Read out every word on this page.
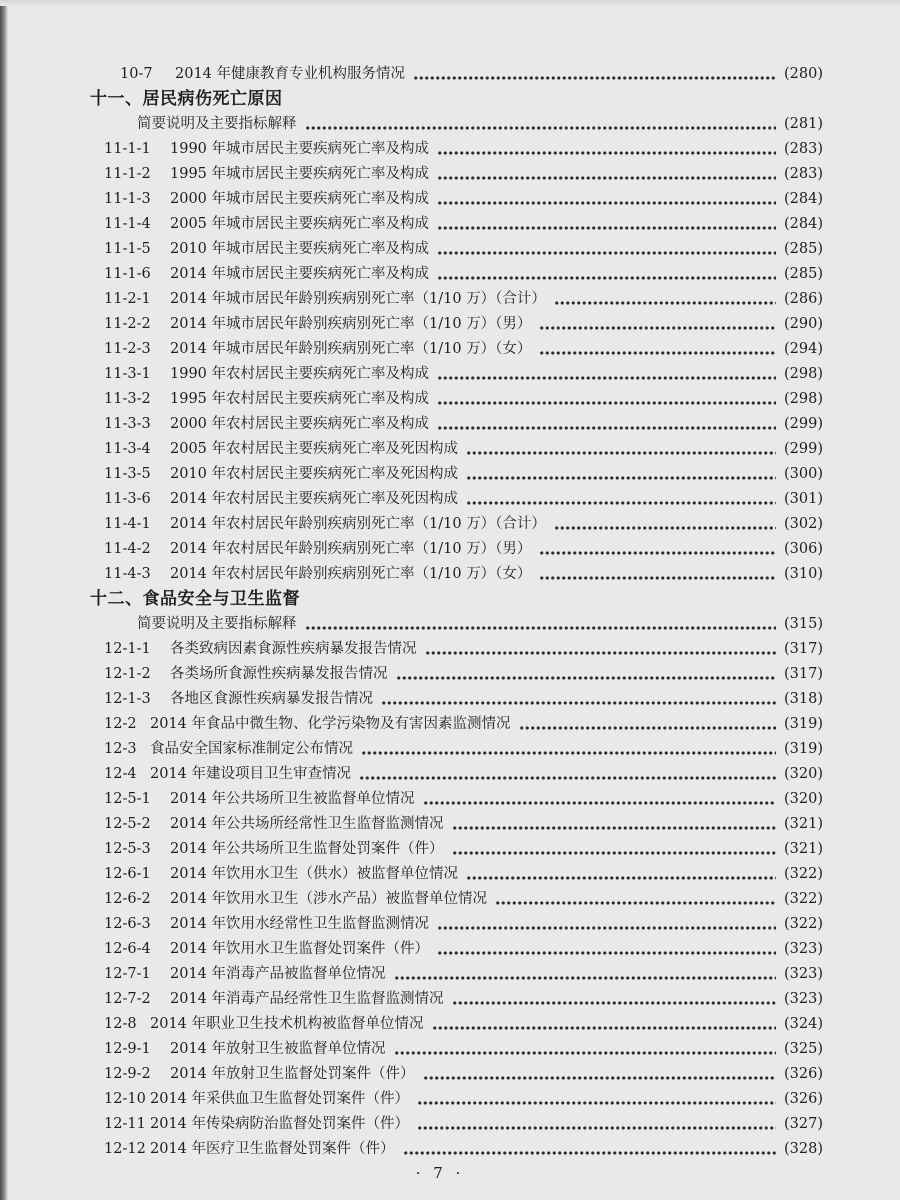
10-7	2014 年健康教育专业机构服务情况	(280)
十一、居民病伤死亡原因
简要说明及主要指标解释	(281)
11-1-1	1990 年城市居民主要疾病死亡率及构成	(283)
11-1-2	1995 年城市居民主要疾病死亡率及构成	(283)
11-1-3	2000 年城市居民主要疾病死亡率及构成	(284)
11-1-4	2005 年城市居民主要疾病死亡率及构成	(284)
11-1-5	2010 年城市居民主要疾病死亡率及构成	(285)
11-1-6	2014 年城市居民主要疾病死亡率及构成	(285)
11-2-1	2014 年城市居民年龄别疾病别死亡率（1/10 万）（合计）	(286)
11-2-2	2014 年城市居民年龄别疾病别死亡率（1/10 万）（男）	(290)
11-2-3	2014 年城市居民年龄别疾病别死亡率（1/10 万）（女）	(294)
11-3-1	1990 年农村居民主要疾病死亡率及构成	(298)
11-3-2	1995 年农村居民主要疾病死亡率及构成	(298)
11-3-3	2000 年农村居民主要疾病死亡率及构成	(299)
11-3-4	2005 年农村居民主要疾病死亡率及死因构成	(299)
11-3-5	2010 年农村居民主要疾病死亡率及死因构成	(300)
11-3-6	2014 年农村居民主要疾病死亡率及死因构成	(301)
11-4-1	2014 年农村居民年龄别疾病别死亡率（1/10 万）（合计）	(302)
11-4-2	2014 年农村居民年龄别疾病别死亡率（1/10 万）（男）	(306)
11-4-3	2014 年农村居民年龄别疾病别死亡率（1/10 万）（女）	(310)
十二、食品安全与卫生监督
简要说明及主要指标解释	(315)
12-1-1	各类致病因素食源性疾病暴发报告情况	(317)
12-1-2	各类场所食源性疾病暴发报告情况	(317)
12-1-3	各地区食源性疾病暴发报告情况	(318)
12-2 2014 年食品中微生物、化学污染物及有害因素监测情况	(319)
12-3 食品安全国家标准制定公布情况	(319)
12-4 2014 年建设项目卫生审查情况	(320)
12-5-1	2014 年公共场所卫生被监督单位情况	(320)
12-5-2	2014 年公共场所经常性卫生监督监测情况	(321)
12-5-3	2014 年公共场所卫生监督处罚案件（件）	(321)
12-6-1	2014 年饮用水卫生（供水）被监督单位情况	(322)
12-6-2	2014 年饮用水卫生（涉水产品）被监督单位情况	(322)
12-6-3	2014 年饮用水经常性卫生监督监测情况	(322)
12-6-4	2014 年饮用水卫生监督处罚案件（件）	(323)
12-7-1	2014 年消毒产品被监督单位情况	(323)
12-7-2	2014 年消毒产品经常性卫生监督监测情况	(323)
12-8 2014 年职业卫生技术机构被监督单位情况	(324)
12-9-1	2014 年放射卫生被监督单位情况	(325)
12-9-2	2014 年放射卫生监督处罚案件（件）	(326)
12-10 2014 年采供血卫生监督处罚案件（件）	(326)
12-11 2014 年传染病防治监督处罚案件（件）	(327)
12-12 2014 年医疗卫生监督处罚案件（件）	(328)
· 7 ·
